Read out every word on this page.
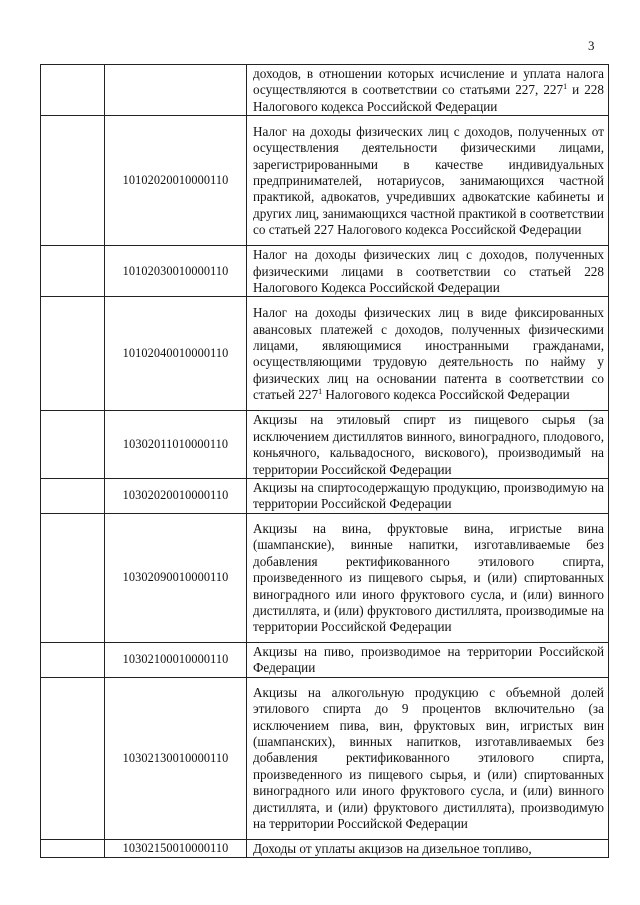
3
		доходов, в отношении которых исчисление и уплата налога осуществляются в соответствии со статьями 227, $227^1$ и 228 Налогового кодекса Российской Федерации
	10102020010000110	Налог на доходы физических лиц с доходов, полученных от осуществления деятельности физическими лицами, зарегистрированными в качестве индивидуальных предпринимателей, нотариусов, занимающихся частной практикой, адвокатов, учредивших адвокатские кабинеты и других лиц, занимающихся частной практикой в соответствии со статьей 227 Налогового кодекса Российской Федерации
	10102030010000110	Налог на доходы физических лиц с доходов, полученных физическими лицами в соответствии со статьей 228 Налогового Кодекса Российской Федерации
	10102040010000110	Налог на доходы физических лиц в виде фиксированных авансовых платежей с доходов, полученных физическими лицами, являющимися иностранными гражданами, осуществляющими трудовую деятельность по найму у физических лиц на основании патента в соответствии со статьей $227^1$ Налогового кодекса Российской Федерации
	10302011010000110	Акцизы на этиловый спирт из пищевого сырья (за исключением дистиллятов винного, виноградного, плодового, коньячного, кальвадосного, вискового), производимый на территории Российской Федерации
	10302020010000110	Акцизы на спиртосодержащую продукцию, производимую на территории Российской Федерации
	10302090010000110	Акцизы на вина, фруктовые вина, игристые вина (шампанские), винные напитки, изготавливаемые без добавления ректификованного этилового спирта, произведенного из пищевого сырья, и (или) спиртованных виноградного или иного фруктового сусла, и (или) винного дистиллята, и (или) фруктового дистиллята, производимые на территории Российской Федерации
	10302100010000110	Акцизы на пиво, производимое на территории Российской Федерации
	10302130010000110	Акцизы на алкогольную продукцию с объемной долей этилового спирта до 9 процентов включительно (за исключением пива, вин, фруктовых вин, игристых вин (шампанских), винных напитков, изготавливаемых без добавления ректификованного этилового спирта, произведенного из пищевого сырья, и (или) спиртованных виноградного или иного фруктового сусла, и (или) винного дистиллята, и (или) фруктового дистиллята), производимую на территории Российской Федерации
	10302150010000110	Доходы от уплаты акцизов на дизельное топливо,
